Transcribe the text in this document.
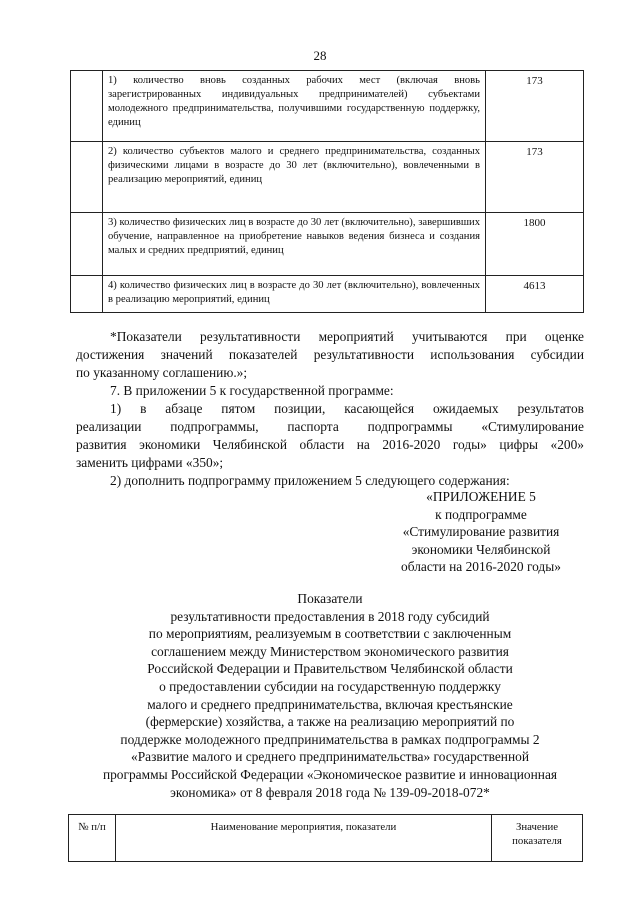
28
	1) количество вновь созданных рабочих мест (включая вновь зарегистрированных индивидуальных предпринимателей) субъектами молодежного предпринимательства, получившими государственную поддержку, единиц	173
	2) количество субъектов малого и среднего предпринимательства, созданных физическими лицами в возрасте до 30 лет (включительно), вовлеченными в реализацию мероприятий, единиц	173
	3) количество физических лиц в возрасте до 30 лет (включительно), завершивших обучение, направленное на приобретение навыков ведения бизнеса и создания малых и средних предприятий, единиц	1800
	4) количество физических лиц в возрасте до 30 лет (включительно), вовлеченных в реализацию мероприятий, единиц	4613

*Показатели результативности мероприятий учитываются при оценке

достижения значений показателей результативности использования субсидии

по указанному соглашению.»;

7. В приложении 5 к государственной программе:

1) в абзаце пятом позиции, касающейся ожидаемых результатов

реализации подпрограммы, паспорта подпрограммы «Стимулирование

развития экономики Челябинской области на 2016-2020 годы» цифры «200»

заменить цифрами «350»;

2) дополнить подпрограмму приложением 5 следующего содержания:

«ПРИЛОЖЕНИЕ 5
к подпрограмме
«Стимулирование развития
экономики Челябинской
области на 2016-2020 годы»
Показатели
результативности предоставления в 2018 году субсидий
по мероприятиям, реализуемым в соответствии с заключенным
соглашением между Министерством экономического развития
Российской Федерации и Правительством Челябинской области
о предоставлении субсидии на государственную поддержку
малого и среднего предпринимательства, включая крестьянские
(фермерские) хозяйства, а также на реализацию мероприятий по
поддержке молодежного предпринимательства в рамках подпрограммы 2
«Развитие малого и среднего предпринимательства» государственной
программы Российской Федерации «Экономическое развитие и инновационная
экономика» от 8 февраля 2018 года № 139-09-2018-072*
№ п/п	Наименование мероприятия, показатели	Значение показателя
